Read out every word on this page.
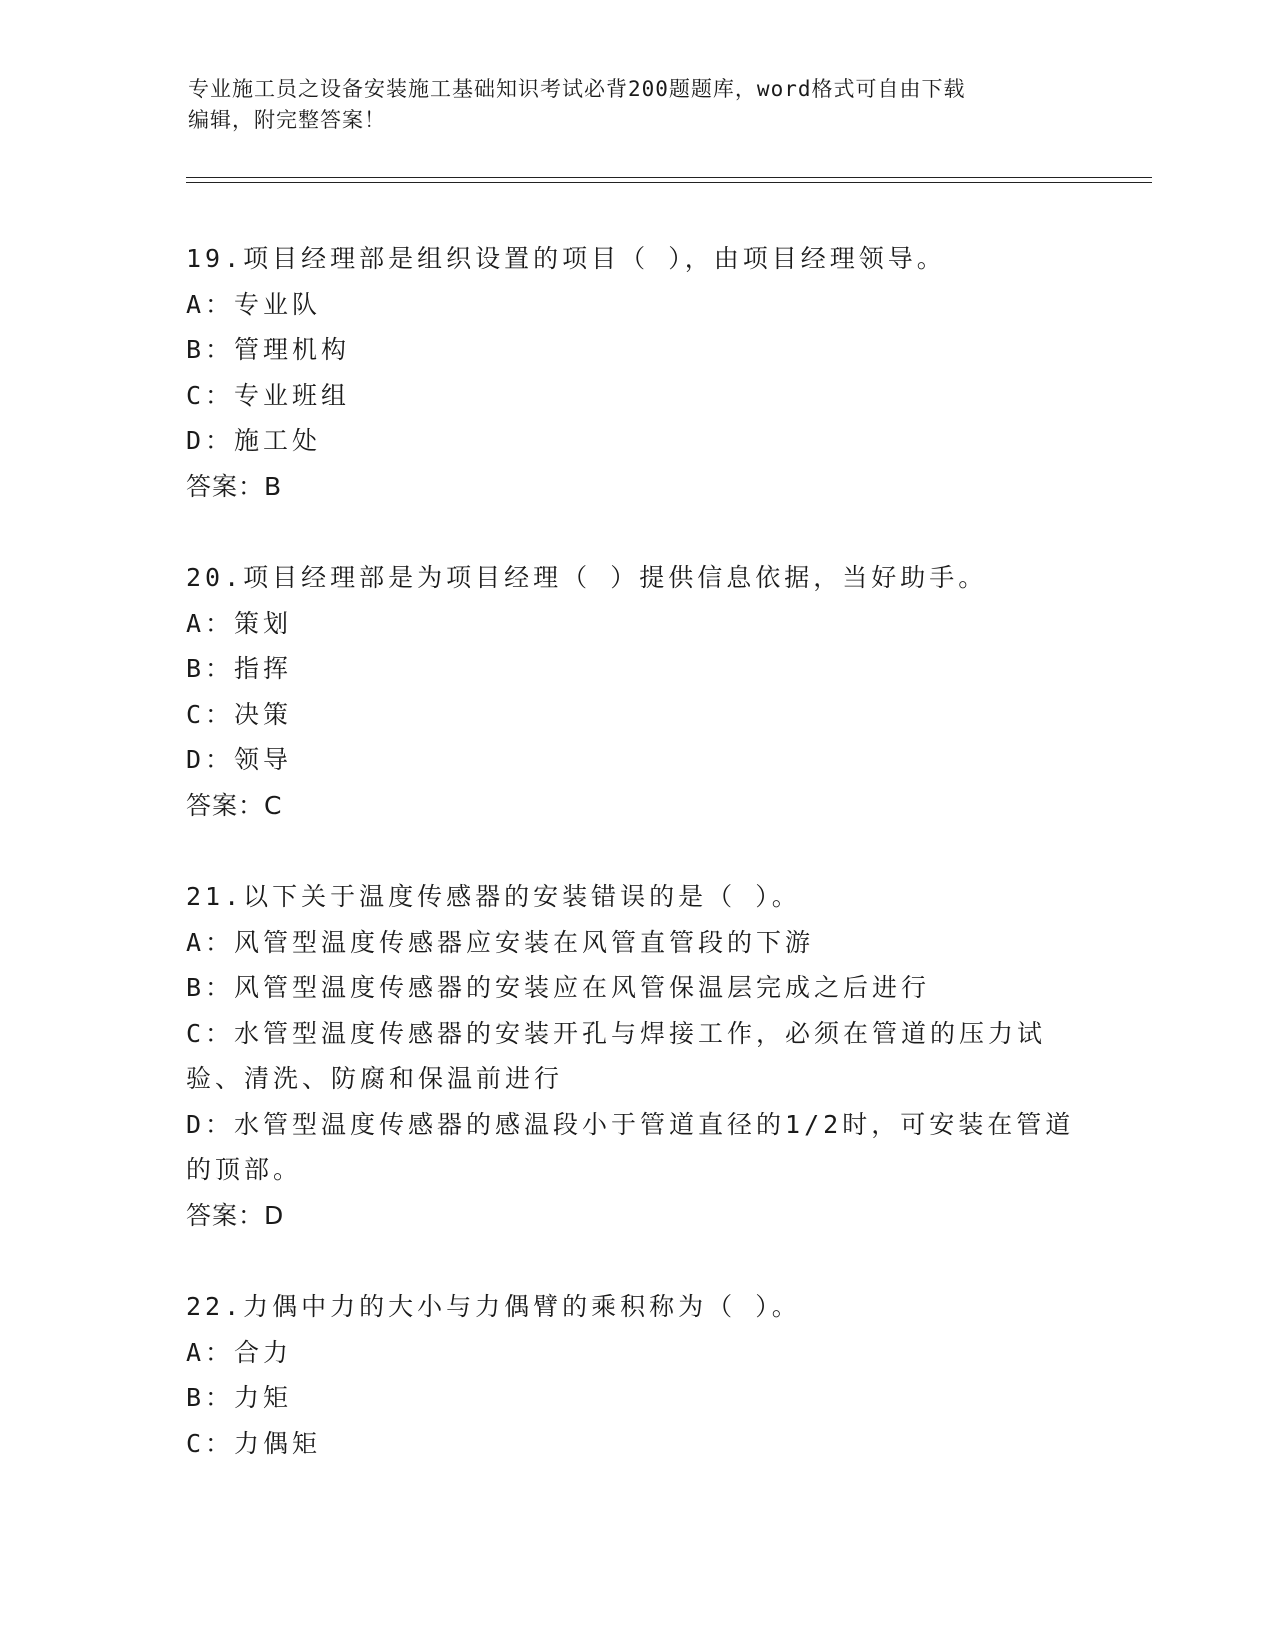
专业施工员之设备安装施工基础知识考试必背200题题库，word格式可自由下载
编辑，附完整答案！
19.项目经理部是组织设置的项目（ ），由项目经理领导。
A：专业队
B：管理机构
C：专业班组
D：施工处
答案：B
20.项目经理部是为项目经理（ ）提供信息依据，当好助手。
A：策划
B：指挥
C：决策
D：领导
答案：C
21.以下关于温度传感器的安装错误的是（ ）。
A：风管型温度传感器应安装在风管直管段的下游
B：风管型温度传感器的安装应在风管保温层完成之后进行
C：水管型温度传感器的安装开孔与焊接工作，必须在管道的压力试验、清洗、防腐和保温前进行
D：水管型温度传感器的感温段小于管道直径的1/2时，可安装在管道的顶部。
答案：D
22.力偶中力的大小与力偶臂的乘积称为（ ）。
A：合力
B：力矩
C：力偶矩
